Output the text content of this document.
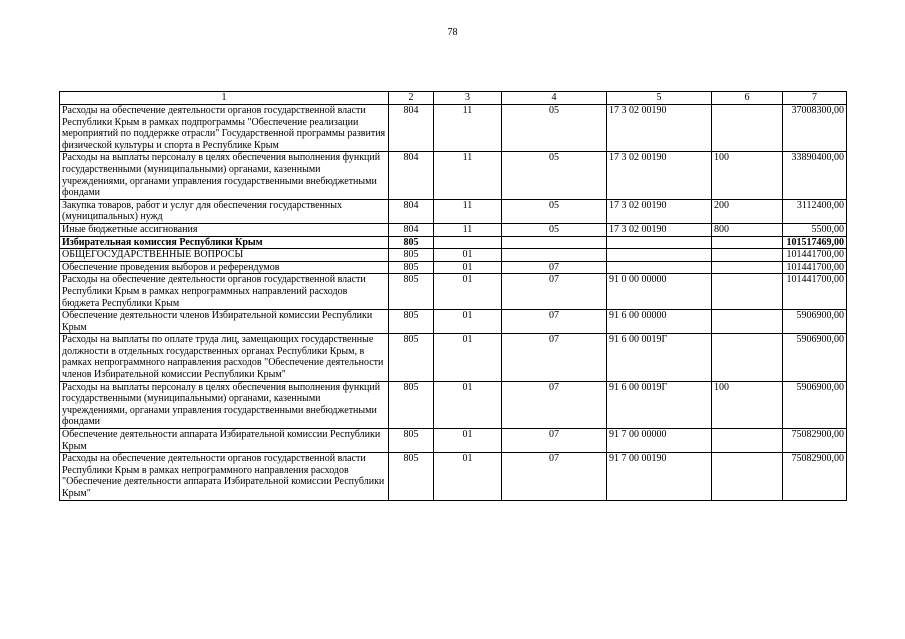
78
1	2	3	4	5	6	7
Расходы на обеспечение деятельности органов государственной власти Республики Крым в рамках подпрограммы "Обеспечение реализации мероприятий по поддержке отрасли" Государственной программы развития физической культуры и спорта в Республике Крым	804	11	05	17 3 02 00190		37008300,00
Расходы на выплаты персоналу в целях обеспечения выполнения функций государственными (муниципальными) органами, казенными учреждениями, органами управления государственными внебюджетными фондами	804	11	05	17 3 02 00190	100	33890400,00
Закупка товаров, работ и услуг для обеспечения государственных (муниципальных) нужд	804	11	05	17 3 02 00190	200	3112400,00
Иные бюджетные ассигнования	804	11	05	17 3 02 00190	800	5500,00
Избирательная комиссия Республики Крым	805					101517469,00
ОБЩЕГОСУДАРСТВЕННЫЕ ВОПРОСЫ	805	01				101441700,00
Обеспечение проведения выборов и референдумов	805	01	07			101441700,00
Расходы на обеспечение деятельности органов государственной власти Республики Крым в рамках непрограммных направлений расходов бюджета Республики Крым	805	01	07	91 0 00 00000		101441700,00
Обеспечение деятельности членов Избирательной комиссии Республики Крым	805	01	07	91 6 00 00000		5906900,00
Расходы на выплаты по оплате труда лиц, замещающих государственные должности в отдельных государственных органах Республики Крым, в рамках непрограммного направления расходов "Обеспечение деятельности членов Избирательной комиссии Республики Крым"	805	01	07	91 6 00 0019Г		5906900,00
Расходы на выплаты персоналу в целях обеспечения выполнения функций государственными (муниципальными) органами, казенными учреждениями, органами управления государственными внебюджетными фондами	805	01	07	91 6 00 0019Г	100	5906900,00
Обеспечение деятельности аппарата Избирательной комиссии Республики Крым	805	01	07	91 7 00 00000		75082900,00
Расходы на обеспечение деятельности органов государственной власти Республики Крым в рамках непрограммного направления расходов "Обеспечение деятельности аппарата Избирательной комиссии Республики Крым"	805	01	07	91 7 00 00190		75082900,00
